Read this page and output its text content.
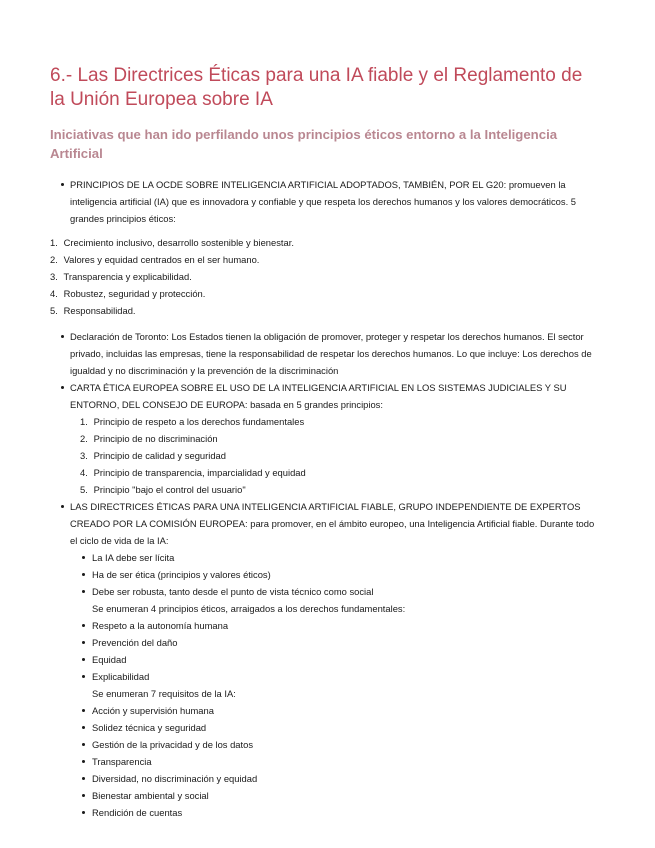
6.- Las Directrices Éticas para una IA fiable y el Reglamento de la Unión Europea sobre IA
Iniciativas que han ido perfilando unos principios éticos entorno a la Inteligencia Artificial
PRINCIPIOS DE LA OCDE SOBRE INTELIGENCIA ARTIFICIAL ADOPTADOS, TAMBIÉN, POR EL G20: promueven la inteligencia artificial (IA) que es innovadora y confiable y que respeta los derechos humanos y los valores democráticos. 5 grandes principios éticos:
1. Crecimiento inclusivo, desarrollo sostenible y bienestar.
2. Valores y equidad centrados en el ser humano.
3. Transparencia y explicabilidad.
4. Robustez, seguridad y protección.
5. Responsabilidad.
Declaración de Toronto: Los Estados tienen la obligación de promover, proteger y respetar los derechos humanos. El sector privado, incluidas las empresas, tiene la responsabilidad de respetar los derechos humanos. Lo que incluye: Los derechos de igualdad y no discriminación y la prevención de la discriminación
CARTA ÉTICA EUROPEA SOBRE EL USO DE LA INTELIGENCIA ARTIFICIAL EN LOS SISTEMAS JUDICIALES Y SU ENTORNO, DEL CONSEJO DE EUROPA: basada en 5 grandes principios:
1. Principio de respeto a los derechos fundamentales
2. Principio de no discriminación
3. Principio de calidad y seguridad
4. Principio de transparencia, imparcialidad y equidad
5. Principio "bajo el control del usuario"
LAS DIRECTRICES ÉTICAS PARA UNA INTELIGENCIA ARTIFICIAL FIABLE, GRUPO INDEPENDIENTE DE EXPERTOS CREADO POR LA COMISIÓN EUROPEA: para promover, en el ámbito europeo, una Inteligencia Artificial fiable. Durante todo el ciclo de vida de la IA:
La IA debe ser lícita
Ha de ser ética (principios y valores éticos)
Debe ser robusta, tanto desde el punto de vista técnico como social
Se enumeran 4 principios éticos, arraigados a los derechos fundamentales:
Respeto a la autonomía humana
Prevención del daño
Equidad
Explicabilidad
Se enumeran 7 requisitos de la IA:
Acción y supervisión humana
Solidez técnica y seguridad
Gestión de la privacidad y de los datos
Transparencia
Diversidad, no discriminación y equidad
Bienestar ambiental y social
Rendición de cuentas
